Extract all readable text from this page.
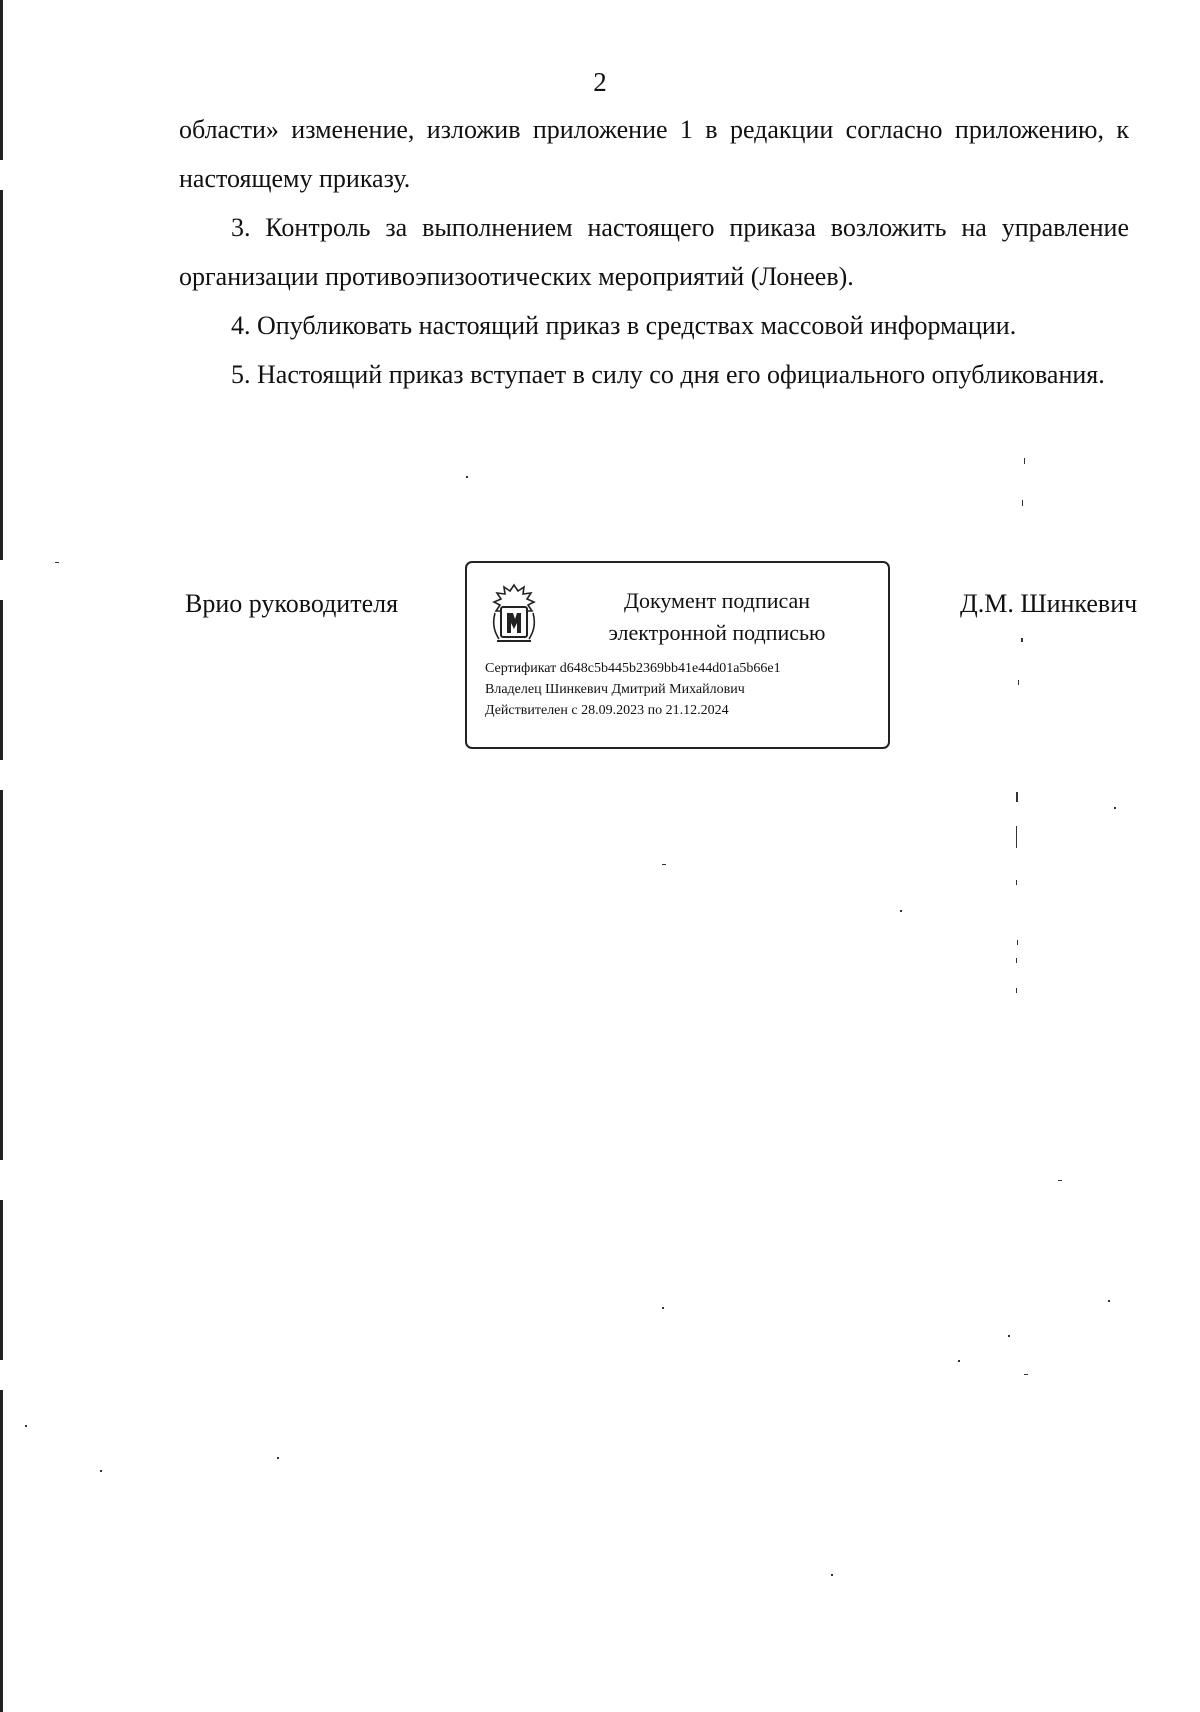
2

области» изменение, изложив приложение 1 в редакции согласно приложению, к настоящему приказу.

3. Контроль за выполнением настоящего приказа возложить на управление организации противоэпизоотических мероприятий (Лонеев).

4. Опубликовать настоящий приказ в средствах массовой информации.

5. Настоящий приказ вступает в силу со дня его официального опубликования.

Врио руководителя	Документ подписан
электронной подписью
Сертификат d648c5b445b2369bb41e44d01a5b66e1
Владелец Шинкевич Дмитрий Михайлович
Действителен с 28.09.2023 по 21.12.2024
Д.М. Шинкевич
